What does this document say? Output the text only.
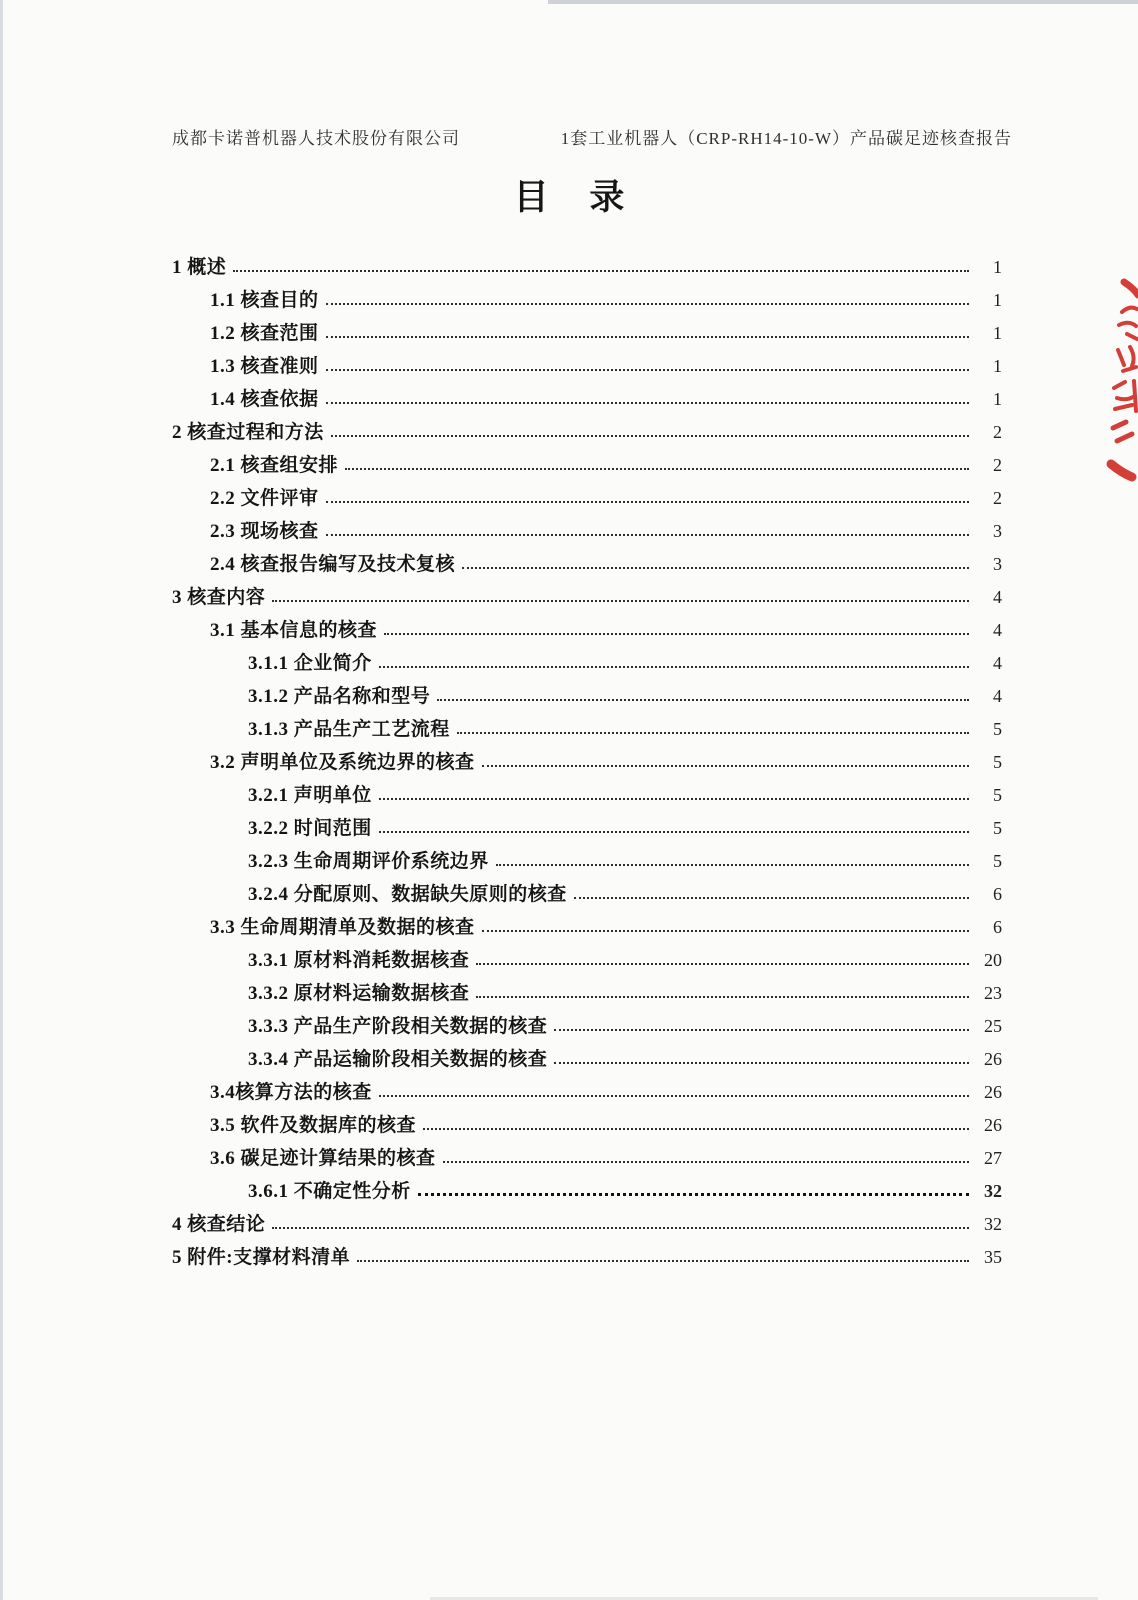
成都卡诺普机器人技术股份有限公司	1套工业机器人（CRP-RH14-10-W）产品碳足迹核查报告
目 录
1 概述	1
1.1 核查目的	1
1.2 核查范围	1
1.3 核查准则	1
1.4 核查依据	1
2 核查过程和方法	2
2.1 核查组安排	2
2.2 文件评审	2
2.3 现场核查	3
2.4 核查报告编写及技术复核	3
3 核查内容	4
3.1 基本信息的核查	4
3.1.1 企业简介	4
3.1.2 产品名称和型号	4
3.1.3 产品生产工艺流程	5
3.2 声明单位及系统边界的核查	5
3.2.1 声明单位	5
3.2.2 时间范围	5
3.2.3 生命周期评价系统边界	5
3.2.4 分配原则、数据缺失原则的核查	6
3.3 生命周期清单及数据的核查	6
3.3.1 原材料消耗数据核查	20
3.3.2 原材料运输数据核查	23
3.3.3 产品生产阶段相关数据的核查	25
3.3.4 产品运输阶段相关数据的核查	26
3.4核算方法的核查	26
3.5 软件及数据库的核查	26
3.6 碳足迹计算结果的核查	27
3.6.1 不确定性分析	32
4 核查结论	32
5 附件:支撑材料清单	35
